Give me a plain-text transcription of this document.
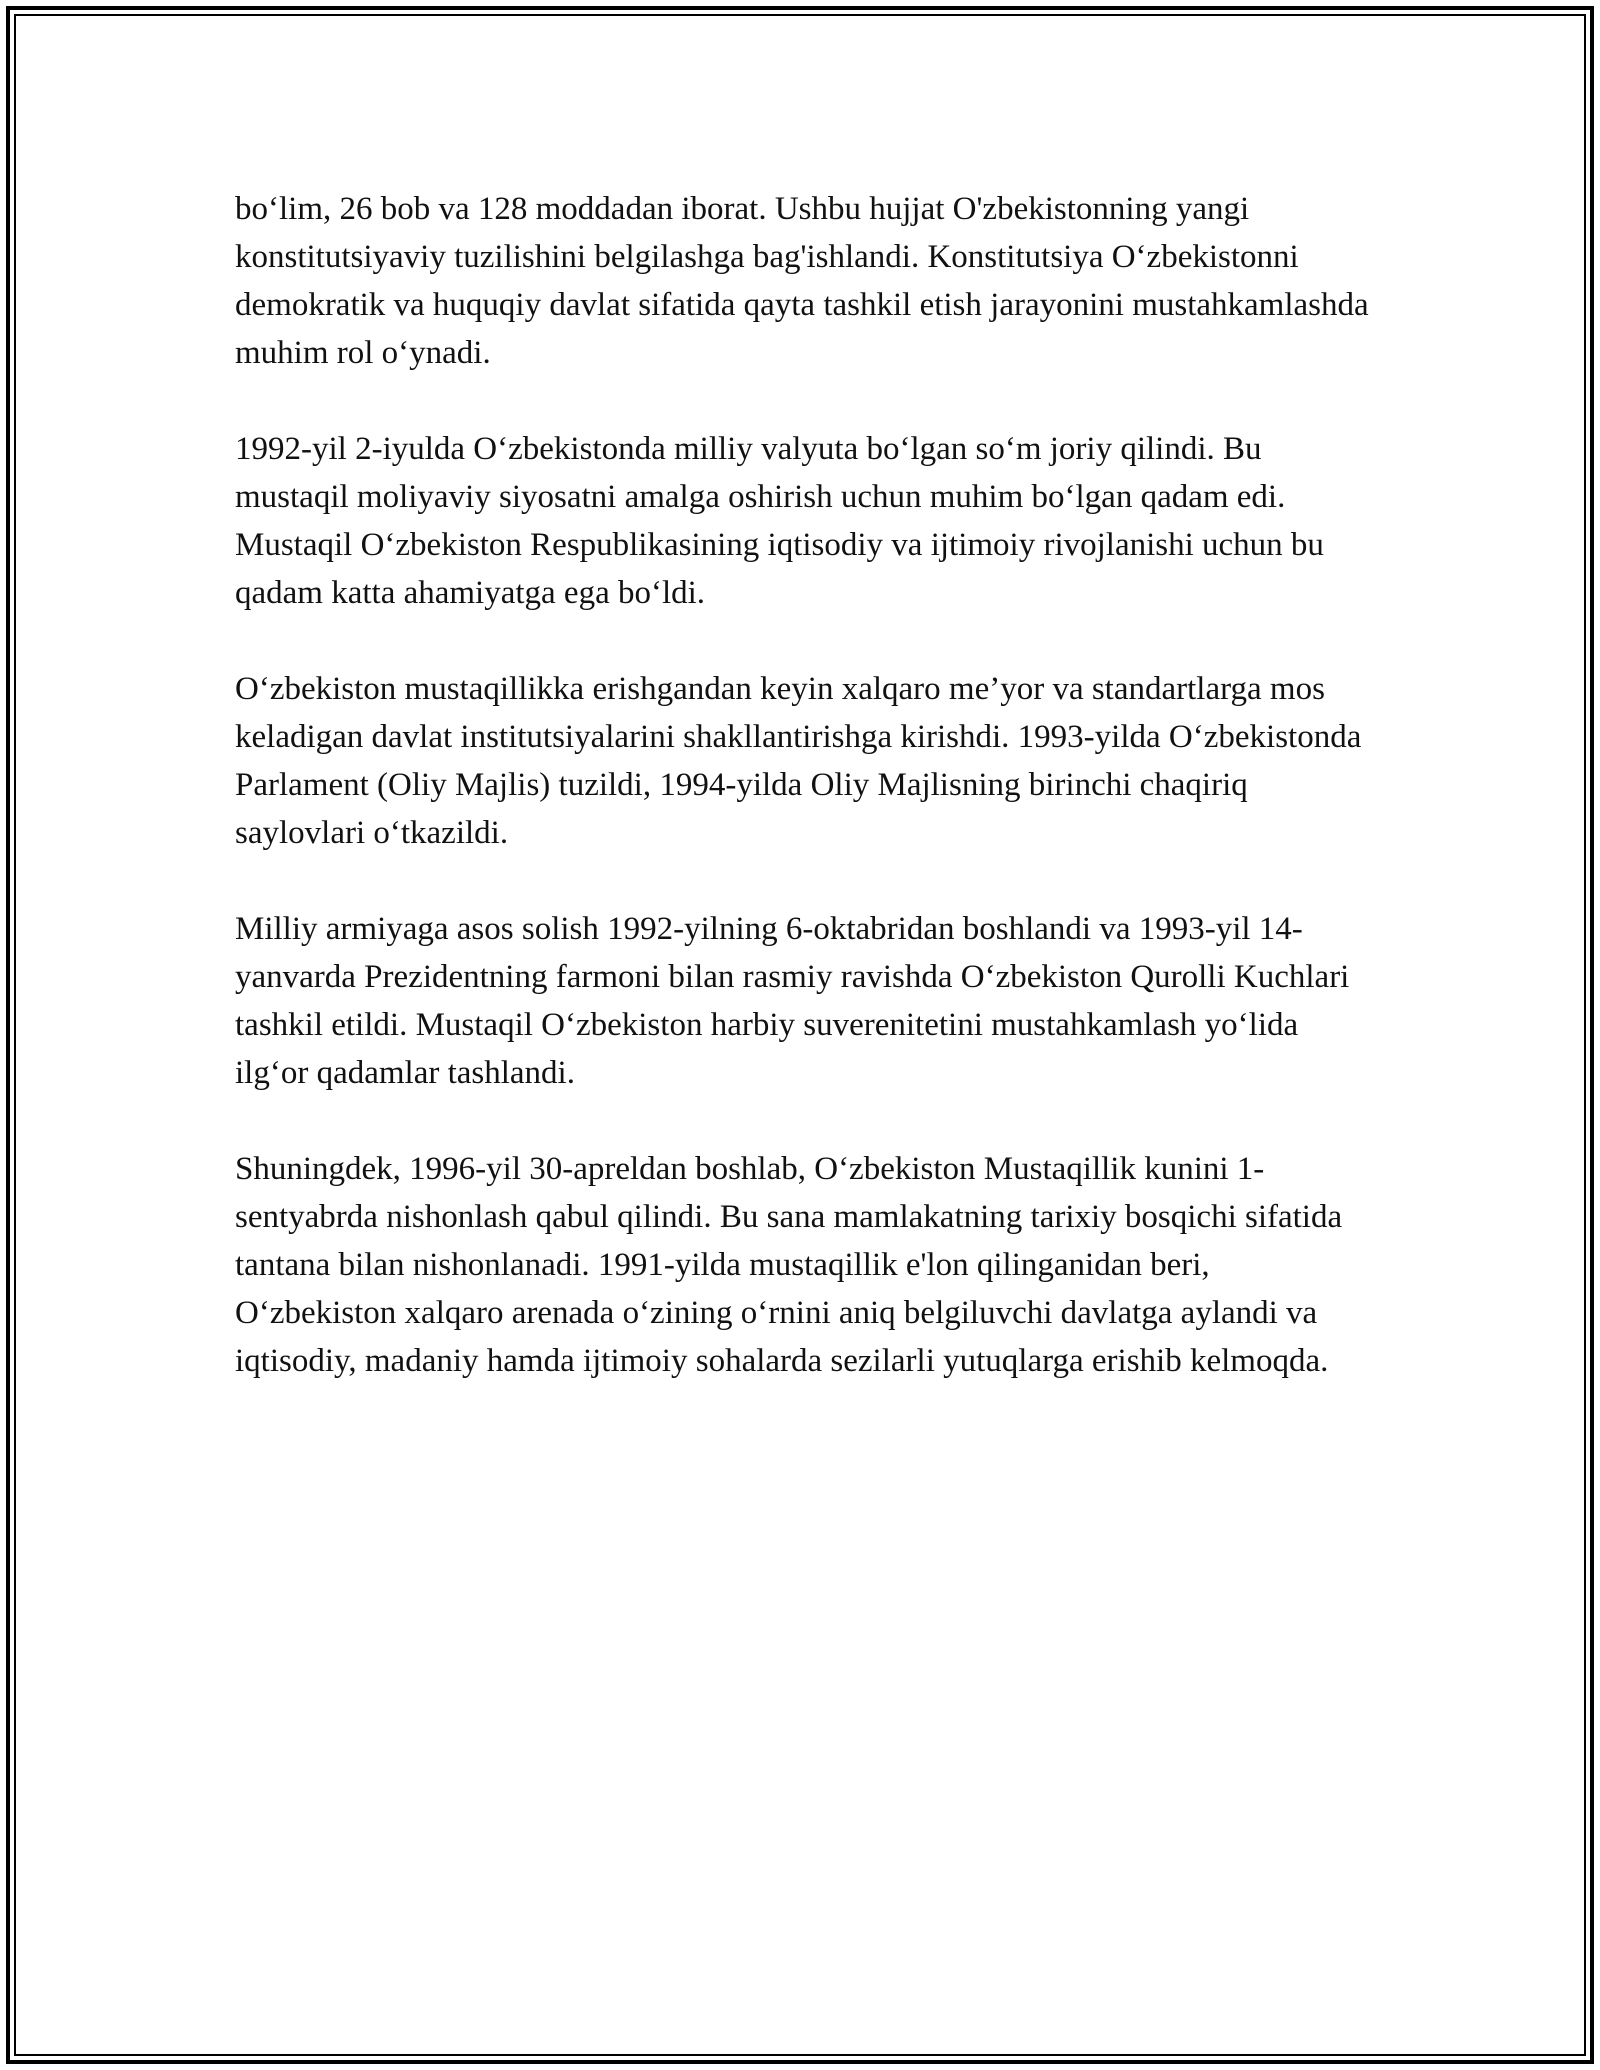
bo‘lim, 26 bob va 128 moddadan iborat. Ushbu hujjat O'zbekistonning yangi konstitutsiyaviy tuzilishini belgilashga bag'ishlandi. Konstitutsiya O‘zbekistonni demokratik va huquqiy davlat sifatida qayta tashkil etish jarayonini mustahkamlashda muhim rol o‘ynadi.

1992-yil 2-iyulda O‘zbekistonda milliy valyuta bo‘lgan so‘m joriy qilindi. Bu mustaqil moliyaviy siyosatni amalga oshirish uchun muhim bo‘lgan qadam edi. Mustaqil O‘zbekiston Respublikasining iqtisodiy va ijtimoiy rivojlanishi uchun bu qadam katta ahamiyatga ega bo‘ldi.

O‘zbekiston mustaqillikka erishgandan keyin xalqaro me’yor va standartlarga mos keladigan davlat institutsiyalarini shakllantirishga kirishdi. 1993-yilda O‘zbekistonda Parlament (Oliy Majlis) tuzildi, 1994-yilda Oliy Majlisning birinchi chaqiriq saylovlari o‘tkazildi.

Milliy armiyaga asos solish 1992-yilning 6-oktabridan boshlandi va 1993-yil 14-yanvarda Prezidentning farmoni bilan rasmiy ravishda O‘zbekiston Qurolli Kuchlari tashkil etildi. Mustaqil O‘zbekiston harbiy suverenitetini mustahkamlash yo‘lida ilg‘or qadamlar tashlandi.

Shuningdek, 1996-yil 30-apreldan boshlab, O‘zbekiston Mustaqillik kunini 1-sentyabrda nishonlash qabul qilindi. Bu sana mamlakatning tarixiy bosqichi sifatida tantana bilan nishonlanadi. 1991-yilda mustaqillik e'lon qilinganidan beri, O‘zbekiston xalqaro arenada o‘zining o‘rnini aniq belgiluvchi davlatga aylandi va iqtisodiy, madaniy hamda ijtimoiy sohalarda sezilarli yutuqlarga erishib kelmoqda.
